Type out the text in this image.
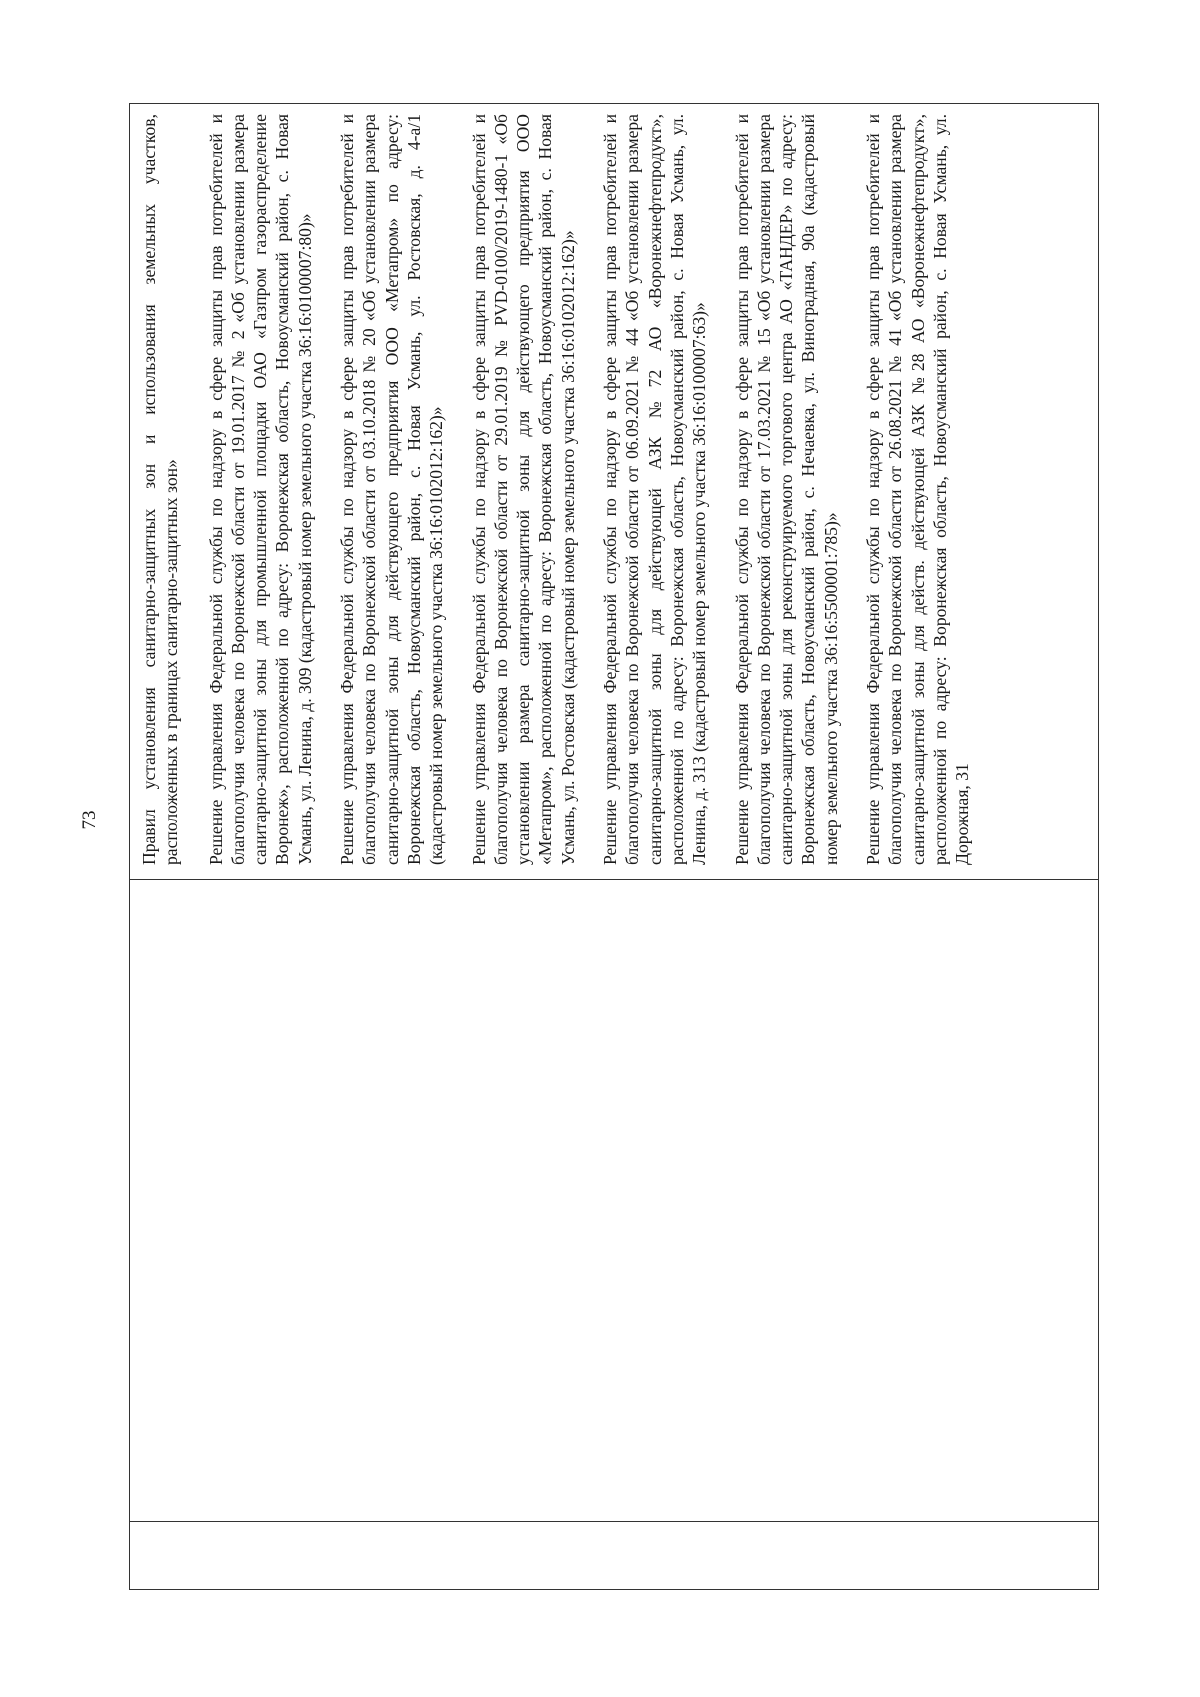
73
			Правил установления санитарно-защитных зон и использования земельных участков, расположенных в границах санитарно-защитных зон» Решение управления Федеральной службы по надзору в сфере защиты прав потребителей и благополучия человека по Воронежской области от 19.01.2017 № 2 «Об установлении размера санитарно-защитной зоны для промышленной площадки ОАО «Газпром газораспределение Воронеж», расположенной по адресу: Воронежская область, Новоусманский район, с. Новая Усмань, ул. Ленина, д. 309 (кадастровый номер земельного участка 36:16:0100007:80)» Решение управления Федеральной службы по надзору в сфере защиты прав потребителей и благополучия человека по Воронежской области от 03.10.2018 № 20 «Об установлении размера санитарно-защитной зоны для действующего предприятия ООО «Метапром» по адресу: Воронежская область, Новоусманский район, с. Новая Усмань, ул. Ростовская, д. 4-а/1 (кадастровый номер земельного участка 36:16:0102012:162)» Решение управления Федеральной службы по надзору в сфере защиты прав потребителей и благополучия человека по Воронежской области от 29.01.2019 № PVD-0100/2019-1480-1 «Об установлении размера санитарно-защитной зоны для действующего предприятия ООО «Метапром», расположенной по адресу: Воронежская область, Новоусманский район, с. Новая Усмань, ул. Ростовская (кадастровый номер земельного участка 36:16:0102012:162)» Решение управления Федеральной службы по надзору в сфере защиты прав потребителей и благополучия человека по Воронежской области от 06.09.2021 № 44 «Об установлении размера санитарно-защитной зоны для действующей АЗК №72 АО «Воронежнефтепродукт», расположенной по адресу: Воронежская область, Новоусманский район, с. Новая Усмань, ул. Ленина, д. 313 (кадастровый номер земельного участка 36:16:0100007:63)» Решение управления Федеральной службы по надзору в сфере защиты прав потребителей и благополучия человека по Воронежской области от 17.03.2021 № 15 «Об установлении размера санитарно-защитной зоны для реконструируемого торгового центра АО «ТАНДЕР» по адресу: Воронежская область, Новоусманский район, с. Нечаевка, ул. Виноградная, 90а (кадастровый номер земельного участка 36:16:5500001:785)» Решение управления Федеральной службы по надзору в сфере защиты прав потребителей и благополучия человека по Воронежской области от 26.08.2021 № 41 «Об установлении размера санитарно-защитной зоны для действ. действующей АЗК №28 АО «Воронежнефтепродукт», расположенной по адресу: Воронежская область, Новоусманский район, с. Новая Усмань, ул. Дорожная, 31
